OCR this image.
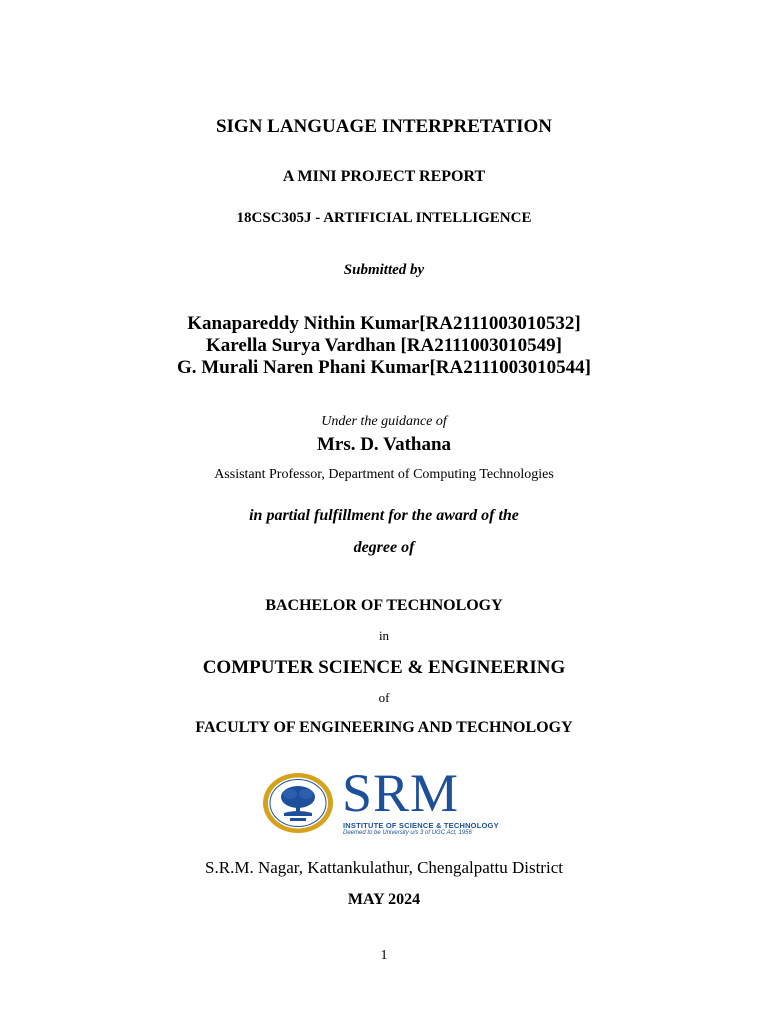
SIGN LANGUAGE INTERPRETATION
A MINI PROJECT REPORT
18CSC305J - ARTIFICIAL INTELLIGENCE
Submitted by
Kanapareddy Nithin Kumar[RA2111003010532]
Karella Surya Vardhan [RA2111003010549]
G. Murali Naren Phani Kumar[RA2111003010544]
Under the guidance of
Mrs. D. Vathana
Assistant Professor, Department of Computing Technologies
in partial fulfillment for the award of the
degree of
BACHELOR OF TECHNOLOGY
in
COMPUTER SCIENCE & ENGINEERING
of
FACULTY OF ENGINEERING AND TECHNOLOGY
SRM
INSTITUTE OF SCIENCE & TECHNOLOGY
Deemed to be University u/s 3 of UGC Act, 1956
S.R.M. Nagar, Kattankulathur, Chengalpattu District
MAY 2024
1
